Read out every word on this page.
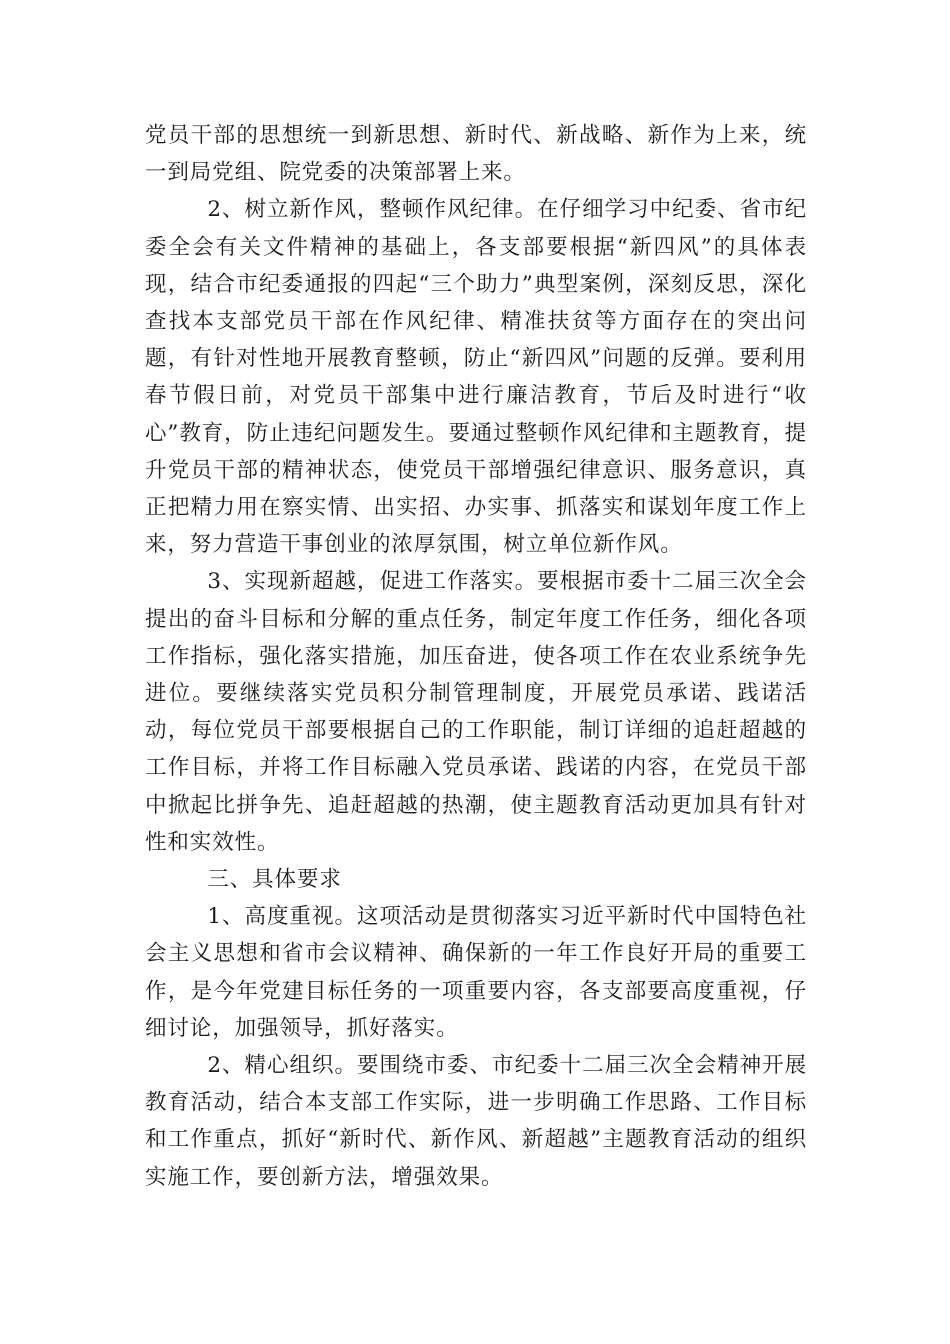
党员干部的思想统一到新思想、新时代、新战略、新作为上来，统一到局党组、院党委的决策部署上来。

2、树立新作风，整顿作风纪律。在仔细学习中纪委、省市纪委全会有关文件精神的基础上，各支部要根据“新四风”的具体表现，结合市纪委通报的四起“三个助力”典型案例，深刻反思，深化查找本支部党员干部在作风纪律、精准扶贫等方面存在的突出问题，有针对性地开展教育整顿，防止“新四风”问题的反弹。要利用春节假日前，对党员干部集中进行廉洁教育，节后及时进行“收心”教育，防止违纪问题发生。要通过整顿作风纪律和主题教育，提升党员干部的精神状态，使党员干部增强纪律意识、服务意识，真正把精力用在察实情、出实招、办实事、抓落实和谋划年度工作上来，努力营造干事创业的浓厚氛围，树立单位新作风。

3、实现新超越，促进工作落实。要根据市委十二届三次全会提出的奋斗目标和分解的重点任务，制定年度工作任务，细化各项工作指标，强化落实措施，加压奋进，使各项工作在农业系统争先进位。要继续落实党员积分制管理制度，开展党员承诺、践诺活动，每位党员干部要根据自己的工作职能，制订详细的追赶超越的工作目标，并将工作目标融入党员承诺、践诺的内容，在党员干部中掀起比拼争先、追赶超越的热潮，使主题教育活动更加具有针对性和实效性。

三、具体要求

1、高度重视。这项活动是贯彻落实习近平新时代中国特色社会主义思想和省市会议精神、确保新的一年工作良好开局的重要工作，是今年党建目标任务的一项重要内容，各支部要高度重视，仔细讨论，加强领导，抓好落实。

2、精心组织。要围绕市委、市纪委十二届三次全会精神开展教育活动，结合本支部工作实际，进一步明确工作思路、工作目标和工作重点，抓好“新时代、新作风、新超越”主题教育活动的组织实施工作，要创新方法，增强效果。
